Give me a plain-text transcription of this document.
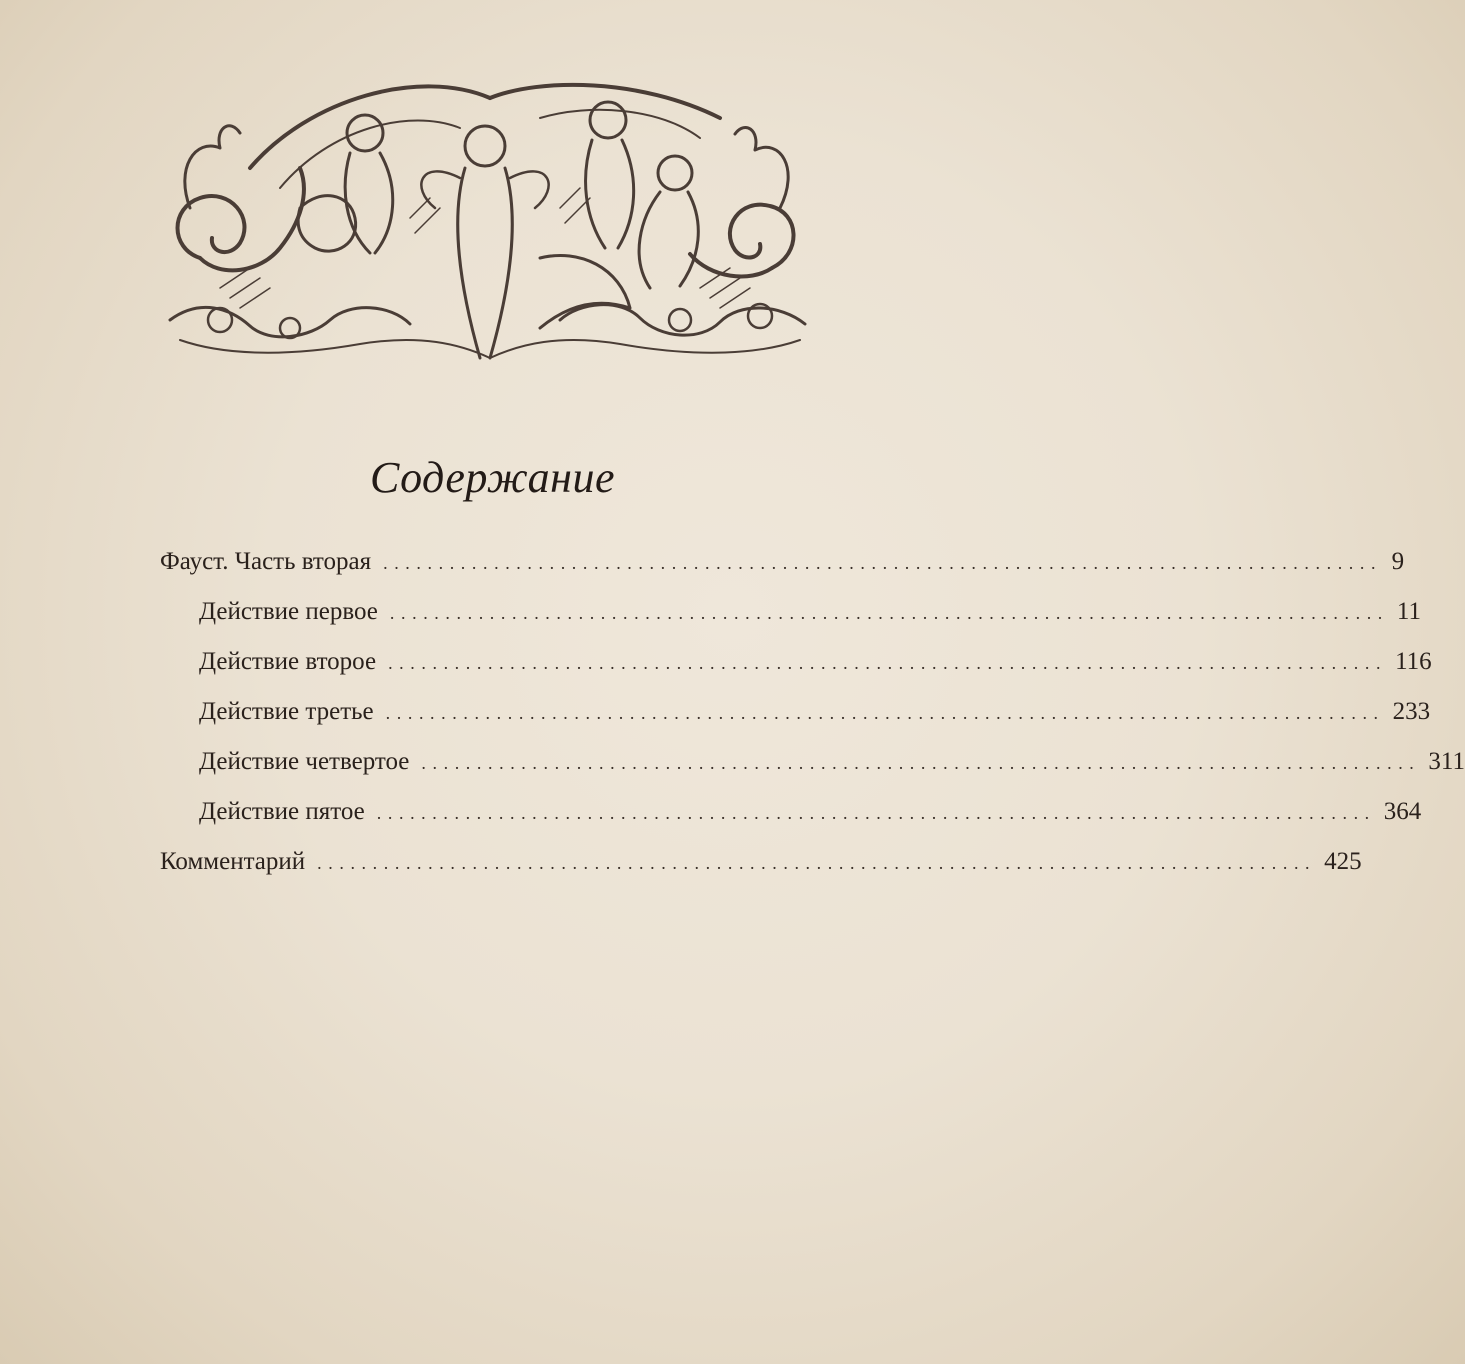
Содержание
Фауст. Часть вторая .......................................................................................... 9
Действие первое .......................................................................................... 11
Действие второе .......................................................................................... 116
Действие третье .......................................................................................... 233
Действие четвертое .......................................................................................... 311
Действие пятое .......................................................................................... 364
Комментарий .......................................................................................... 425
